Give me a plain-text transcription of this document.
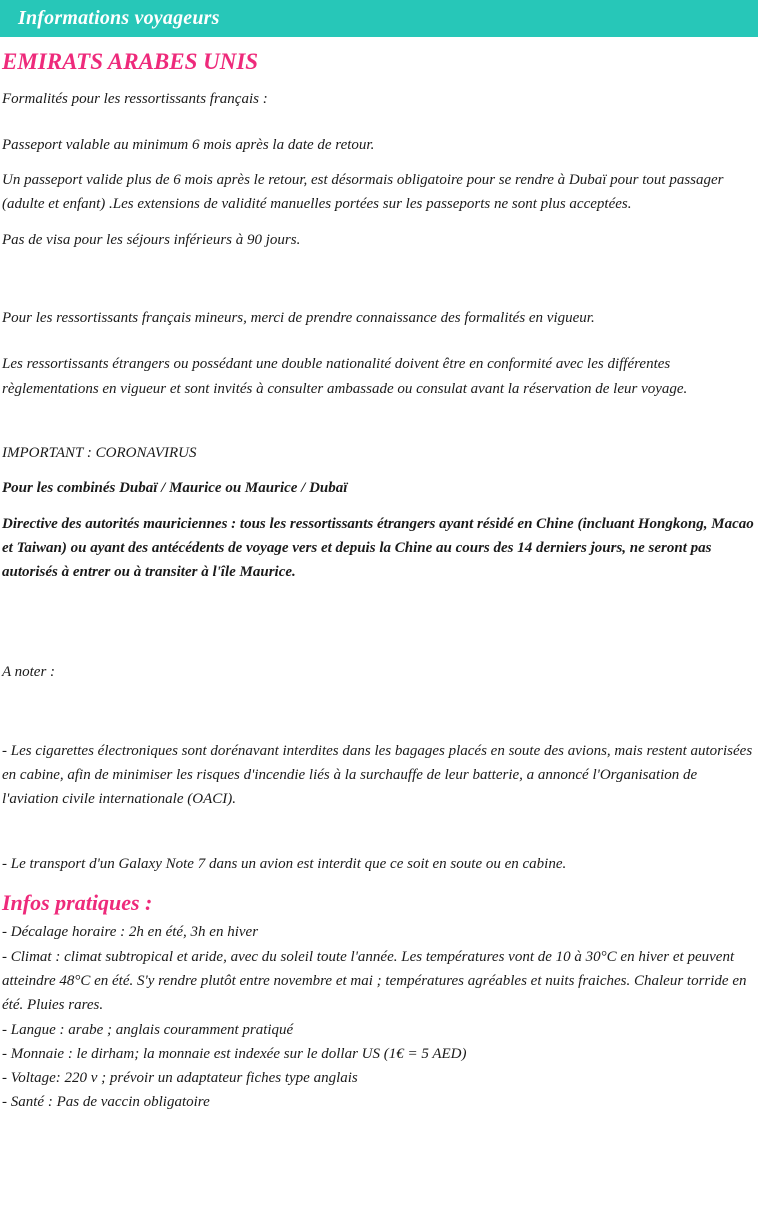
Informations voyageurs
EMIRATS ARABES UNIS

Formalités pour les ressortissants français :

Passeport valable au minimum 6 mois après la date de retour.

Un passeport valide plus de 6 mois après le retour, est désormais obligatoire pour se rendre à Dubaï pour tout passager (adulte et enfant) .Les extensions de validité manuelles portées sur les passeports ne sont plus acceptées.

Pas de visa pour les séjours inférieurs à 90 jours.

Pour les ressortissants français mineurs, merci de prendre connaissance des formalités en vigueur.

Les ressortissants étrangers ou possédant une double nationalité doivent être en conformité avec les différentes règlementations en vigueur et sont invités à consulter ambassade ou consulat avant la réservation de leur voyage.

IMPORTANT : CORONAVIRUS

Pour les combinés Dubaï / Maurice ou Maurice / Dubaï

Directive des autorités mauriciennes : tous les ressortissants étrangers ayant résidé en Chine (incluant Hongkong, Macao et Taiwan) ou ayant des antécédents de voyage vers et depuis la Chine au cours des 14 derniers jours, ne seront pas autorisés à entrer ou à transiter à l'île Maurice.

A noter :

- Les cigarettes électroniques sont dorénavant interdites dans les bagages placés en soute des avions, mais restent autorisées en cabine, afin de minimiser les risques d'incendie liés à la surchauffe de leur batterie, a annoncé l'Organisation de l'aviation civile internationale (OACI).

- Le transport d'un Galaxy Note 7 dans un avion est interdit que ce soit en soute ou en cabine.

Infos pratiques :

- Décalage horaire : 2h en été, 3h en hiver

- Climat : climat subtropical et aride, avec du soleil toute l'année. Les températures vont de 10 à 30°C en hiver et peuvent atteindre 48°C en été. S'y rendre plutôt entre novembre et mai ; températures agréables et nuits fraiches. Chaleur torride en été. Pluies rares.

- Langue : arabe ; anglais couramment pratiqué

- Monnaie : le dirham; la monnaie est indexée sur le dollar US (1€ = 5 AED)

- Voltage: 220 v ; prévoir un adaptateur fiches type anglais

- Santé : Pas de vaccin obligatoire
